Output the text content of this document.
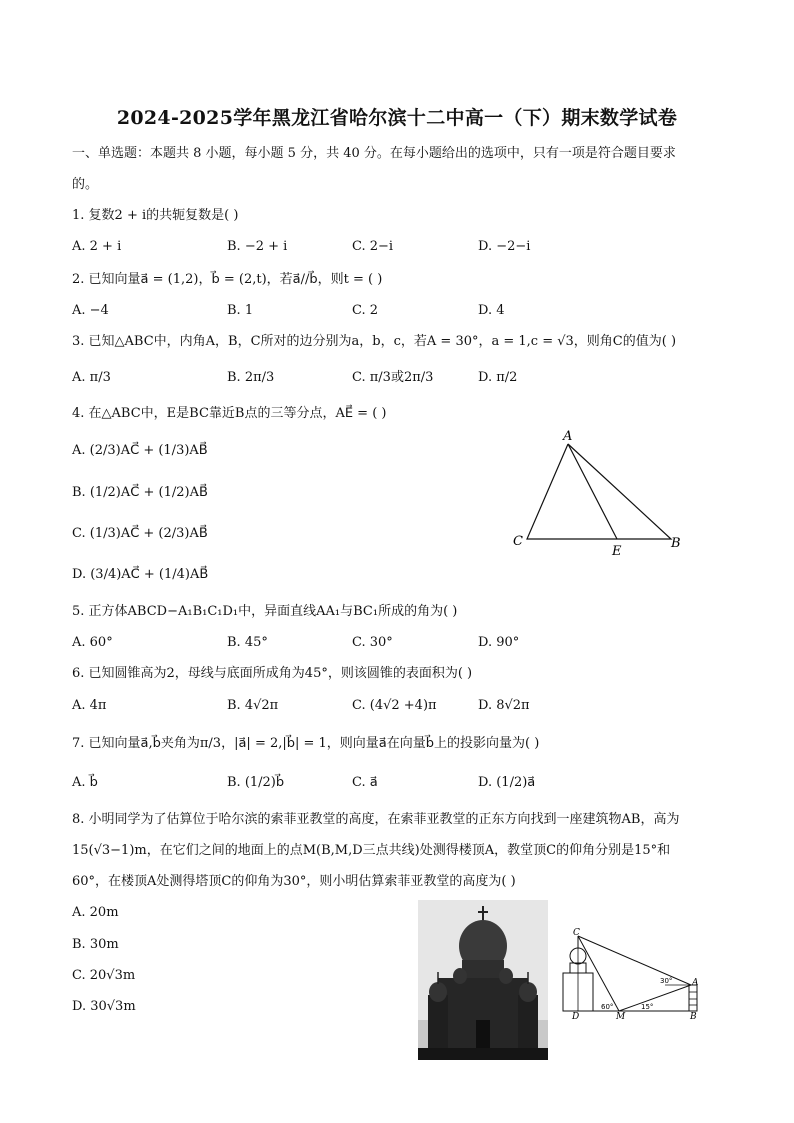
2024-2025学年黑龙江省哈尔滨十二中高一（下）期末数学试卷
一、单选题：本题共 8 小题，每小题 5 分，共 40 分。在每小题给出的选项中，只有一项是符合题目要求
的。
1. 复数2 + i的共轭复数是( )
A. 2 + i	B. −2 + i	C. 2−i	D. −2−i
2. 已知向量a⃗ = (1,2)，b⃗ = (2,t)，若a⃗//b⃗，则t = ( )
A. −4	B. 1	C. 2	D. 4
3. 已知△ABC中，内角A，B，C所对的边分别为a，b，c，若A = 30°，a = 1,c = √3，则角C的值为( )
A. π/3	B. 2π/3	C. π/3或2π/3	D. π/2
4. 在△ABC中，E是BC靠近B点的三等分点，AE⃗ = ( )
A. (2/3)AC⃗ + (1/3)AB⃗
B. (1/2)AC⃗ + (1/2)AB⃗
C. (1/3)AC⃗ + (2/3)AB⃗
D. (3/4)AC⃗ + (1/4)AB⃗
A
C
E
B
5. 正方体ABCD−A₁B₁C₁D₁中，异面直线AA₁与BC₁所成的角为( )
A. 60°	B. 45°	C. 30°	D. 90°
6. 已知圆锥高为2，母线与底面所成角为45°，则该圆锥的表面积为( )
A. 4π	B. 4√2π	C. (4√2 +4)π	D. 8√2π
7. 已知向量a⃗,b⃗夹角为π/3，|a⃗| = 2,|b⃗| = 1，则向量a⃗在向量b⃗上的投影向量为( )
A. b⃗	B. (1/2)b⃗	C. a⃗	D. (1/2)a⃗
8. 小明同学为了估算位于哈尔滨的索菲亚教堂的高度，在索菲亚教堂的正东方向找到一座建筑物AB，高为
15(√3−1)m，在它们之间的地面上的点M(B,M,D三点共线)处测得楼顶A，教堂顶C的仰角分别是15°和
60°，在楼顶A处测得塔顶C的仰角为30°，则小明估算索菲亚教堂的高度为( )
A. 20m
B. 30m
C. 20√3m
D. 30√3m
C
A
D	M	B
30°
60°	15°
